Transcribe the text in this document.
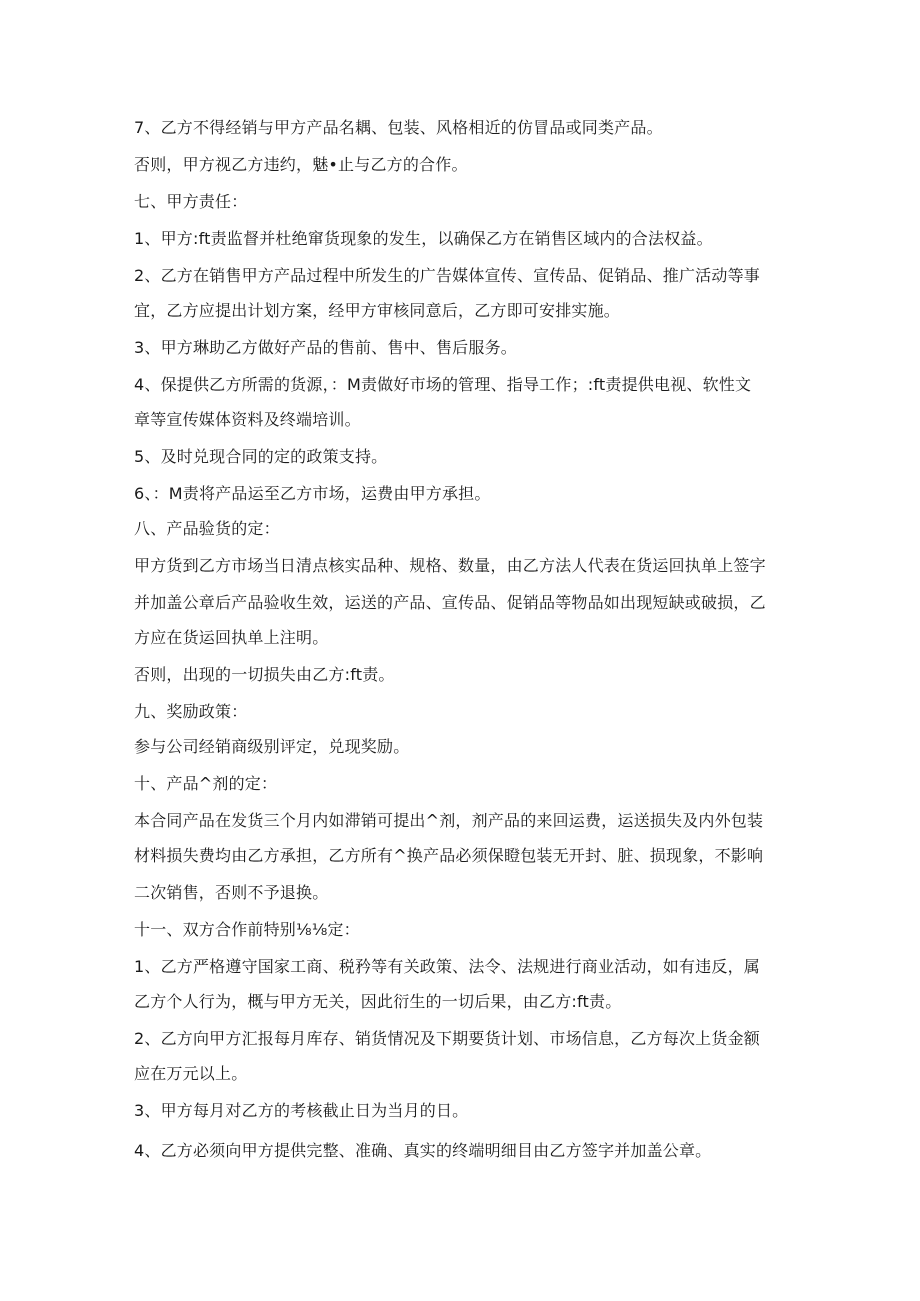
7、乙方不得经销与甲方产品名耦、包装、风格相近的仿冒品或同类产品。

否则，甲方视乙方违约，魅•止与乙方的合作。

七、甲方责任：

1、甲方:ft责监督并杜绝窜货现象的发生，以确保乙方在销售区域内的合法权益。

2、乙方在销售甲方产品过程中所发生的广告媒体宣传、宣传品、促销品、推广活动等事

宜，乙方应提出计划方案，经甲方审核同意后，乙方即可安排实施。

3、甲方琳助乙方做好产品的售前、售中、售后服务。

4、保提供乙方所需的货源，：M责做好市场的管理、指导工作；:ft责提供电视、软性文

章等宣传媒体资料及终端培训。

5、及时兑现合同的定的政策支持。

6、：M责将产品运至乙方市场，运费由甲方承担。

八、产品验货的定：

甲方货到乙方市场当日清点核实品种、规格、数量，由乙方法人代表在货运回执单上签字

并加盖公章后产品验收生效，运送的产品、宣传品、促销品等物品如出现短缺或破损，乙

方应在货运回执单上注明。

否则，出现的一切损失由乙方:ft责。

九、奖励政策：

参与公司经销商级别评定，兑现奖励。

十、产品^剂的定：

本合同产品在发货三个月内如滞销可提出^剂，剂产品的来回运费，运送损失及内外包装

材料损失费均由乙方承担，乙方所有^换产品必须保瞪包装无开封、脏、损现象，不影响

二次销售，否则不予退换。

十一、双方合作前特别⅛⅛定：

1、乙方严格遵守国家工商、税矜等有关政策、法令、法规进行商业活动，如有违反，属

乙方个人行为，概与甲方无关，因此衍生的一切后果，由乙方:ft责。

2、乙方向甲方汇报每月库存、销货情况及下期要货计划、市场信息，乙方每次上货金额

应在万元以上。

3、甲方每月对乙方的考核截止日为当月的日。

4、乙方必须向甲方提供完整、准确、真实的终端明细目由乙方签字并加盖公章。
